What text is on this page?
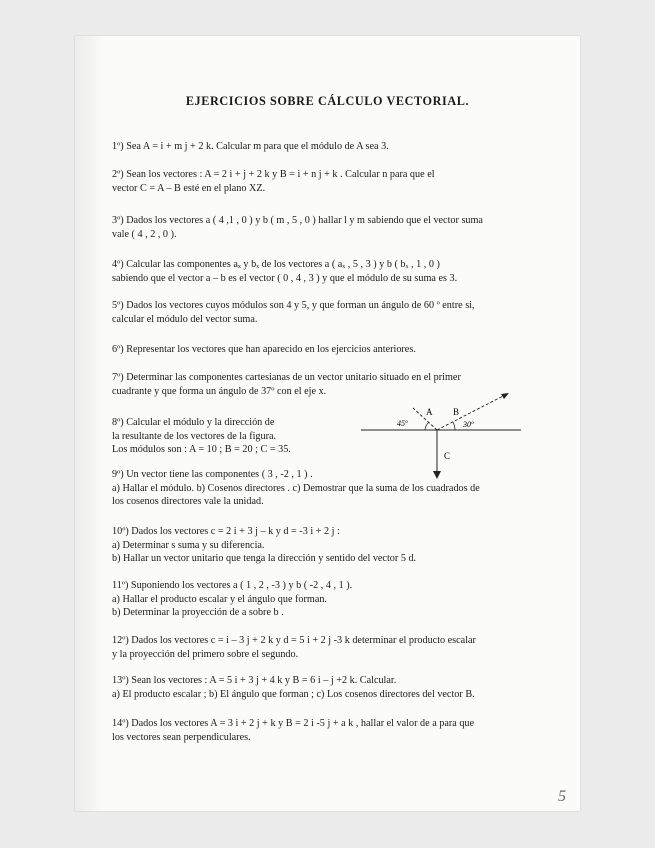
EJERCICIOS SOBRE CÁLCULO VECTORIAL.
1º) Sea A = i + m j + 2 k. Calcular m para que el módulo de A sea 3.
2º) Sean los vectores : A = 2 i + j + 2 k y B = i + n j + k . Calcular n para que el
vector C = A – B esté en el plano XZ.
3º) Dados los vectores a ( 4 ,1 , 0 ) y b ( m , 5 , 0 ) hallar l y m sabiendo que el vector suma
vale ( 4 , 2 , 0 ).
4º) Calcular las componentes aₓ y bₓ de los vectores a ( aₓ , 5 , 3 ) y b ( bₓ , 1 , 0 )
sabiendo que el vector a – b es el vector ( 0 , 4 , 3 ) y que el módulo de su suma es 3.
5º) Dados los vectores cuyos módulos son 4 y 5, y que forman un ángulo de 60 º entre si,
calcular el módulo del vector suma.
6º) Representar los vectores que han aparecido en los ejercicios anteriores.
7º) Determinar las componentes cartesianas de un vector unitario situado en el primer
cuadrante y que forma un ángulo de 37º con el eje x.
8º) Calcular el módulo y la dirección de
la resultante de los vectores de la figura.
Los módulos son : A = 10 ; B = 20 ; C = 35.
A B
C
45º	30º
9º) Un vector tiene las componentes ( 3 , -2 , 1 ) .
a) Hallar el módulo. b) Cosenos directores . c) Demostrar que la suma de los cuadrados de
los cosenos directores vale la unidad.
10º) Dados los vectores c = 2 i + 3 j – k y d = -3 i + 2 j :
a) Determinar s suma y su diferencia.
b) Hallar un vector unitario que tenga la dirección y sentido del vector 5 d.
11º) Suponiendo los vectores a ( 1 , 2 , -3 ) y b ( -2 , 4 , 1 ).
a) Hallar el producto escalar y el ángulo que forman.
b) Determinar la proyección de a sobre b .
12º) Dados los vectores c = i – 3 j + 2 k y d = 5 i + 2 j -3 k determinar el producto escalar
y la proyección del primero sobre el segundo.
13º) Sean los vectores : A = 5 i + 3 j + 4 k y B = 6 i – j +2 k. Calcular.
a) El producto escalar ; b) El ángulo que forman ; c) Los cosenos directores del vector B.
14º) Dados los vectores A = 3 i + 2 j + k y B = 2 i -5 j + a k , hallar el valor de a para que
los vectores sean perpendiculares.
5
